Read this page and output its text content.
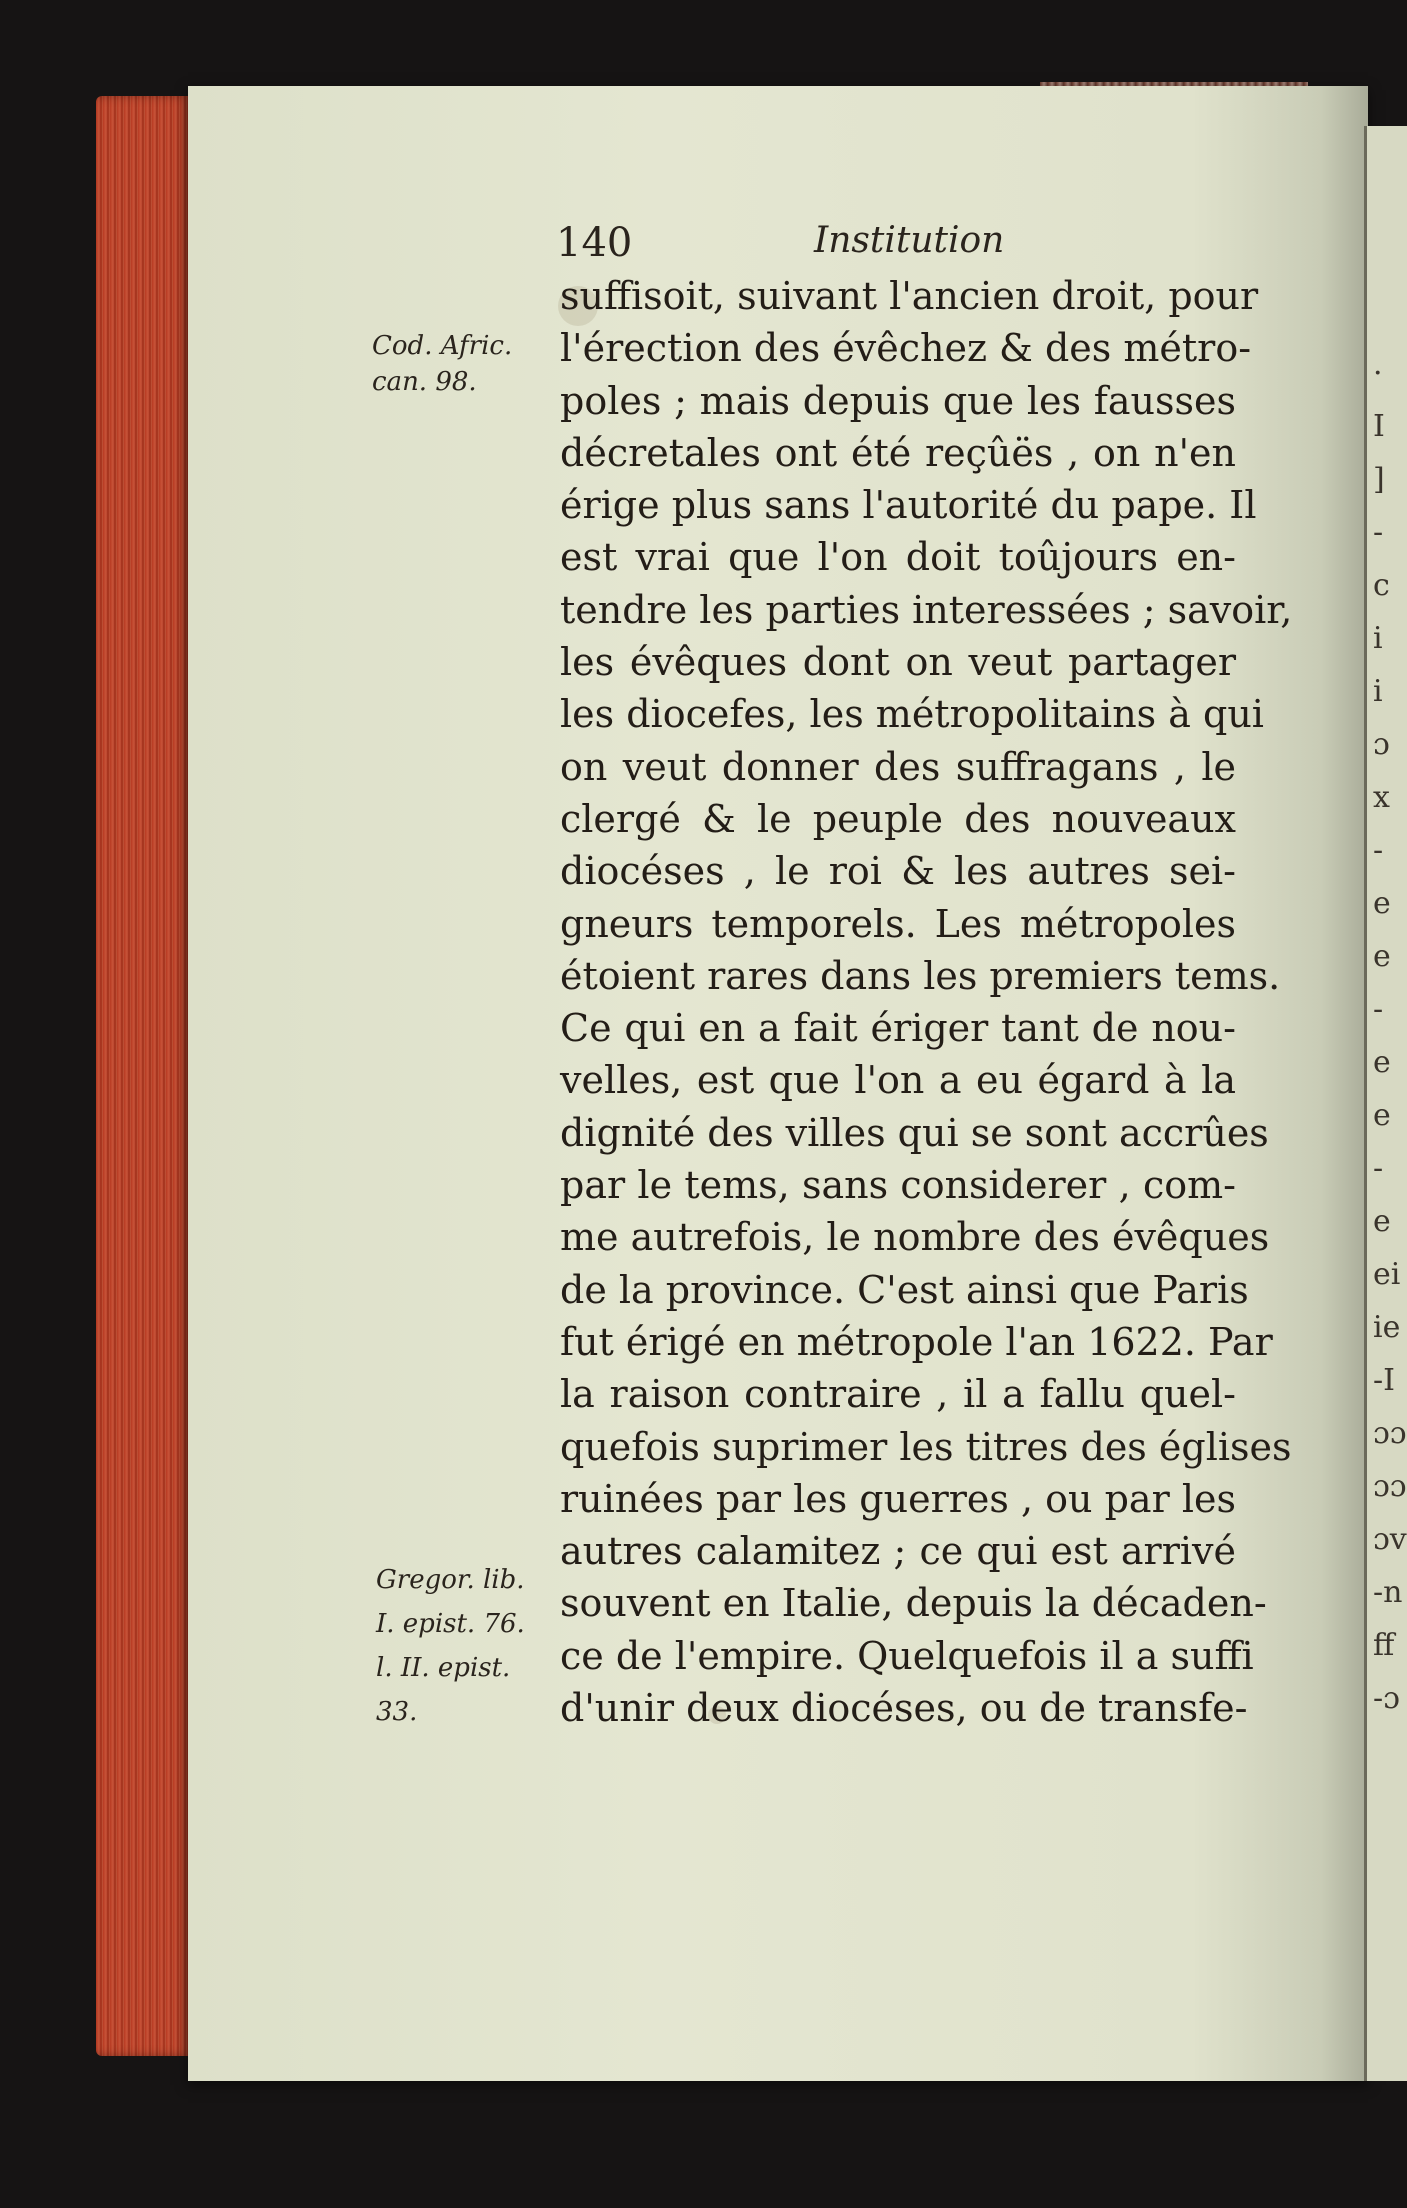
·
I
]
-
c
i
i
ɔ
x
-
e
e
-
e
e
-
e
ei
ie
-I
ɔɔ
ɔɔ
ɔv
-n
ff
-ɔ
140	Institution
Cod. Afric.
can. 98.
Gregor. lib.
I. epist. 76.
l. II. epist.
33.
suffisoit, suivant l'ancien droit, pour
l'érection des évêchez & des métro-
poles ; mais depuis que les fausses
décretales ont été reçûës , on n'en
érige plus sans l'autorité du pape. Il
est vrai que l'on doit toûjours en-
tendre les parties interessées ; savoir,
les évêques dont on veut partager
les diocefes, les métropolitains à qui
on veut donner des suffragans , le
clergé & le peuple des nouveaux
diocéses , le roi & les autres sei-
gneurs temporels. Les métropoles
étoient rares dans les premiers tems.
Ce qui en a fait ériger tant de nou-
velles, est que l'on a eu égard à la
dignité des villes qui se sont accrûes
par le tems, sans considerer , com-
me autrefois, le nombre des évêques
de la province. C'est ainsi que Paris
fut érigé en métropole l'an 1622. Par
la raison contraire , il a fallu quel-
quefois suprimer les titres des églises
ruinées par les guerres , ou par les
autres calamitez ; ce qui est arrivé
souvent en Italie, depuis la décaden-
ce de l'empire. Quelquefois il a suffi
d'unir deux diocéses, ou de transfe-
